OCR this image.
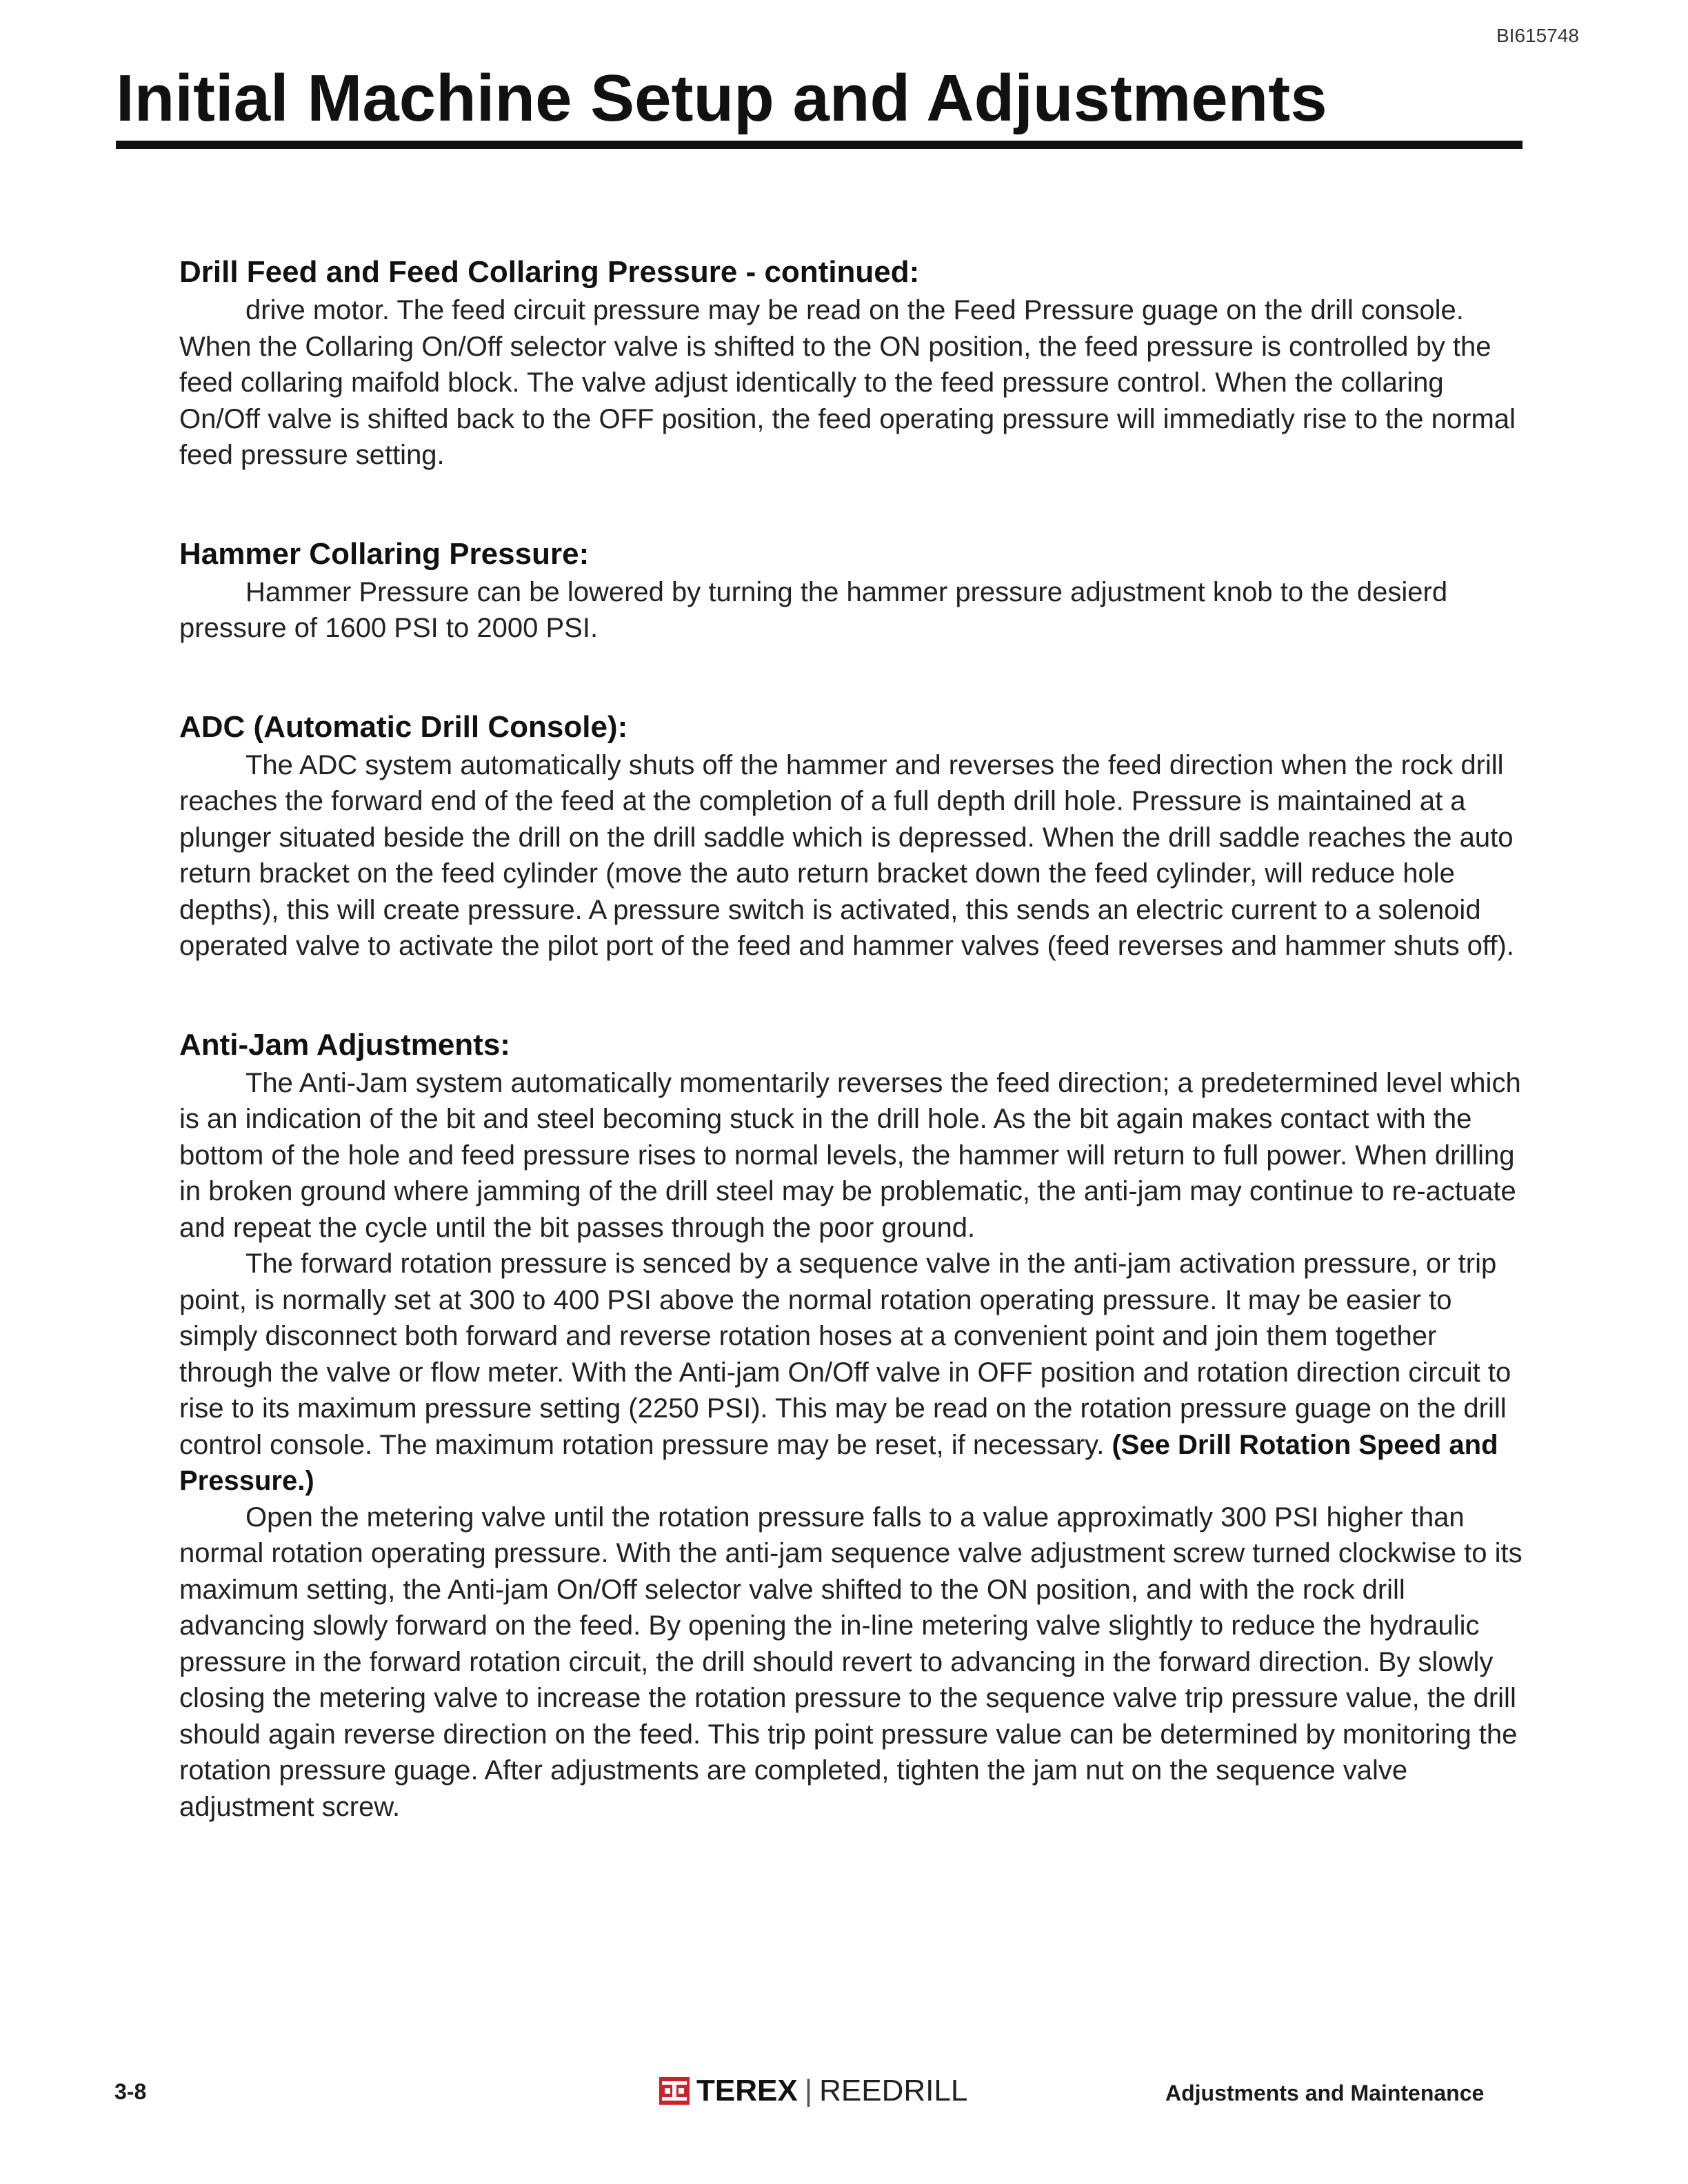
BI615748
Initial Machine Setup and Adjustments
Drill Feed and Feed Collaring Pressure - continued:

drive motor. The feed circuit pressure may be read on the Feed Pressure guage on the drill console. When the Collaring On/Off selector valve is shifted to the ON position, the feed pressure is controlled by the feed collaring maifold block. The valve adjust identically to the feed pressure control. When the collaring On/Off valve is shifted back to the OFF position, the feed operating pressure will immediatly rise to the normal feed pressure setting.

Hammer Collaring Pressure:

Hammer Pressure can be lowered by turning the hammer pressure adjustment knob to the desierd pressure of 1600 PSI to 2000 PSI.

ADC (Automatic Drill Console):

The ADC system automatically shuts off the hammer and reverses the feed direction when the rock drill reaches the forward end of the feed at the completion of a full depth drill hole. Pressure is maintained at a plunger situated beside the drill on the drill saddle which is depressed. When the drill saddle reaches the auto return bracket on the feed cylinder (move the auto return bracket down the feed cylinder, will reduce hole depths), this will create pressure. A pressure switch is activated, this sends an electric current to a solenoid operated valve to activate the pilot port of the feed and hammer valves (feed reverses and hammer shuts off).

Anti-Jam Adjustments:

The Anti-Jam system automatically momentarily reverses the feed direction; a predetermined level which is an indication of the bit and steel becoming stuck in the drill hole. As the bit again makes contact with the bottom of the hole and feed pressure rises to normal levels, the hammer will return to full power. When drilling in broken ground where jamming of the drill steel may be problematic, the anti-jam may continue to re-actuate and repeat the cycle until the bit passes through the poor ground.

The forward rotation pressure is senced by a sequence valve in the anti-jam activation pressure, or trip point, is normally set at 300 to 400 PSI above the normal rotation operating pressure. It may be easier to simply disconnect both forward and reverse rotation hoses at a convenient point and join them together through the valve or flow meter. With the Anti-jam On/Off valve in OFF position and rotation direction circuit to rise to its maximum pressure setting (2250 PSI). This may be read on the rotation pressure guage on the drill control console. The maximum rotation pressure may be reset, if necessary. (See Drill Rotation Speed and Pressure.)

Open the metering valve until the rotation pressure falls to a value approximatly 300 PSI higher than normal rotation operating pressure. With the anti-jam sequence valve adjustment screw turned clockwise to its maximum setting, the Anti-jam On/Off selector valve shifted to the ON position, and with the rock drill advancing slowly forward on the feed. By opening the in-line metering valve slightly to reduce the hydraulic pressure in the forward rotation circuit, the drill should revert to advancing in the forward direction. By slowly closing the metering valve to increase the rotation pressure to the sequence valve trip pressure value, the drill should again reverse direction on the feed. This trip point pressure value can be determined by monitoring the rotation pressure guage. After adjustments are completed, tighten the jam nut on the sequence valve adjustment screw.

3-8	TEREX | REEDRILL	Adjustments and Maintenance
